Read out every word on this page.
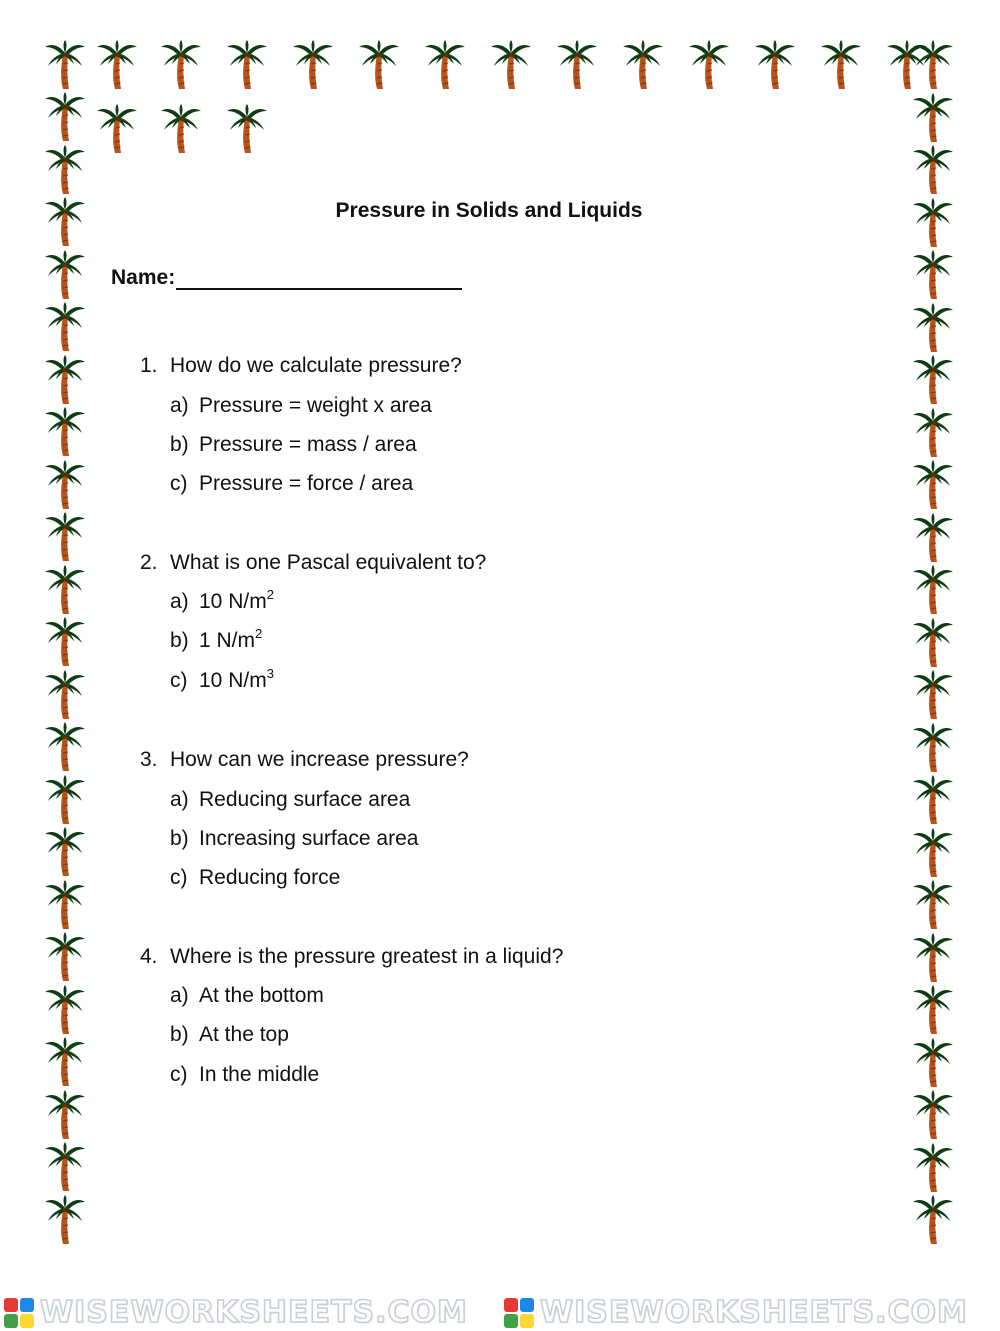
Pressure in Solids and Liquids
Name:
1. How do we calculate pressure?
a) Pressure = weight x area
b) Pressure = mass / area
c) Pressure = force / area
2. What is one Pascal equivalent to?
a) 10 $N/m^2$
b) 1 $N/m^2$
c) 10 $N/m^3$
3. How can we increase pressure?
a) Reducing surface area
b) Increasing surface area
c) Reducing force
4. Where is the pressure greatest in a liquid?
a) At the bottom
b) At the top
c) In the middle
WISEWORKSHEETS.COM WISEWORKSHEETS.COM
